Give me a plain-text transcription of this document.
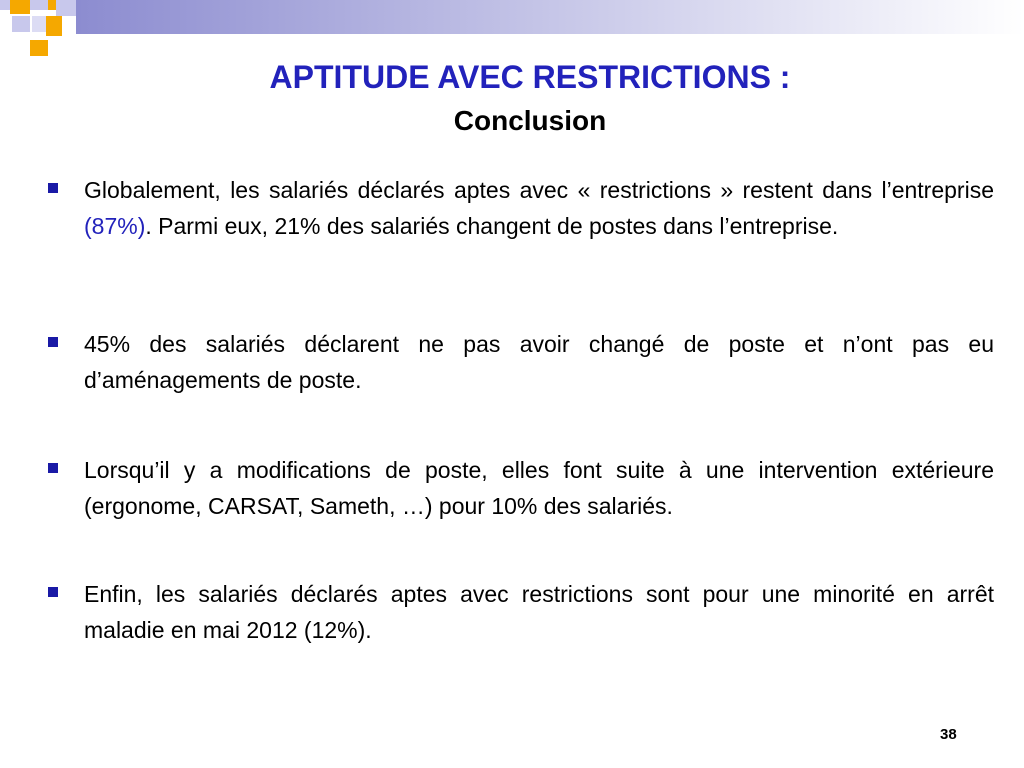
APTITUDE AVEC RESTRICTIONS :
Conclusion
Globalement, les salariés déclarés aptes avec « restrictions » restent dans l’entreprise (87%). Parmi eux, 21% des salariés changent de postes dans l’entreprise.
45% des salariés déclarent ne pas avoir changé de poste et n’ont pas eu d’aménagements de poste.
Lorsqu’il y a modifications de poste, elles font suite à une intervention extérieure (ergonome, CARSAT, Sameth, …) pour 10% des salariés.
Enfin, les salariés déclarés aptes avec restrictions sont pour une minorité en arrêt maladie en mai 2012 (12%).
38
